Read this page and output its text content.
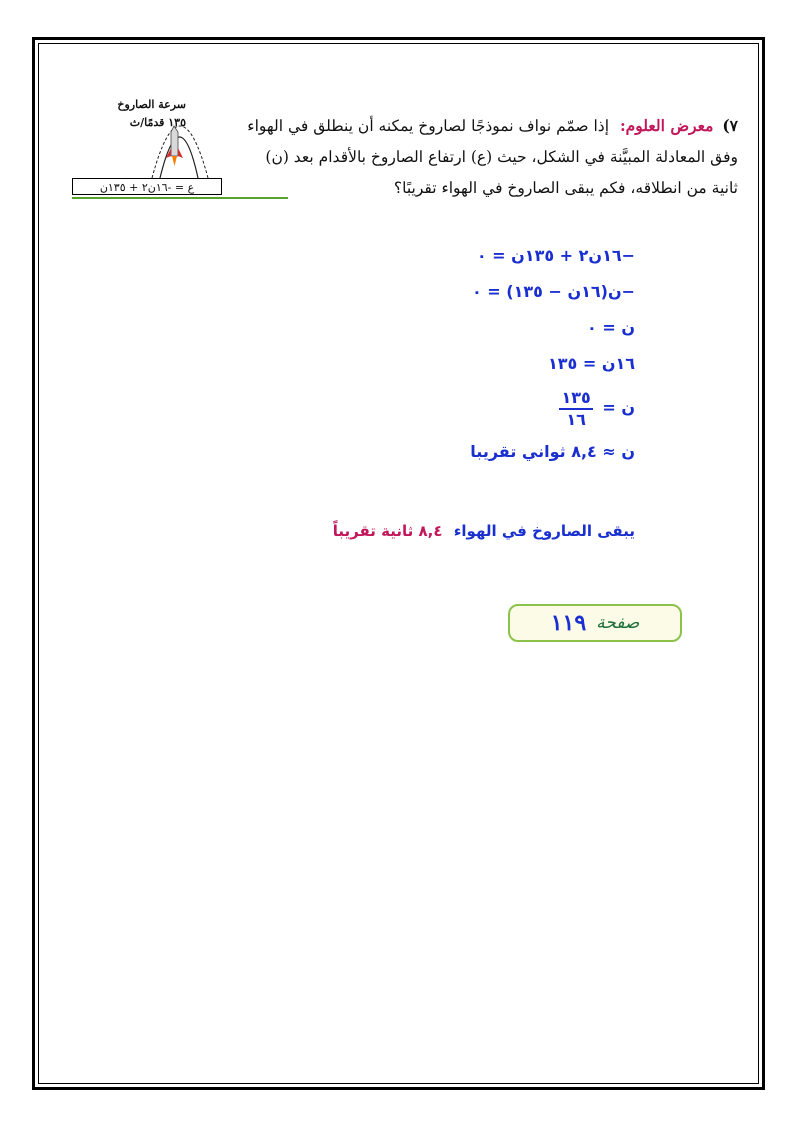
٧) معرض العلوم: إذا صمّم نواف نموذجًا لصاروخ يمكنه أن ينطلق في الهواء وفق المعادلة المبيَّنة في الشكل، حيث (ع) ارتفاع الصاروخ بالأقدام بعد (ن) ثانية من انطلاقه، فكم يبقى الصاروخ في الهواء تقريبًا؟
سرعة الصاروخ
١٣٥ قدمًا/ث
ع = -١٦ن٢ + ١٣٥ن
−١٦ن٢ + ١٣٥ن = ٠
−ن(١٦ن − ١٣٥) = ٠
ن = ٠
١٦ن = ١٣٥
ن =
$\frac{١٣٥}{١٦}$
ن ≈ ٨,٤ ثواني تقريبا
يبقى الصاروخ في الهواء ٨,٤ ثانية تقريباً
صفحة
١١٩
